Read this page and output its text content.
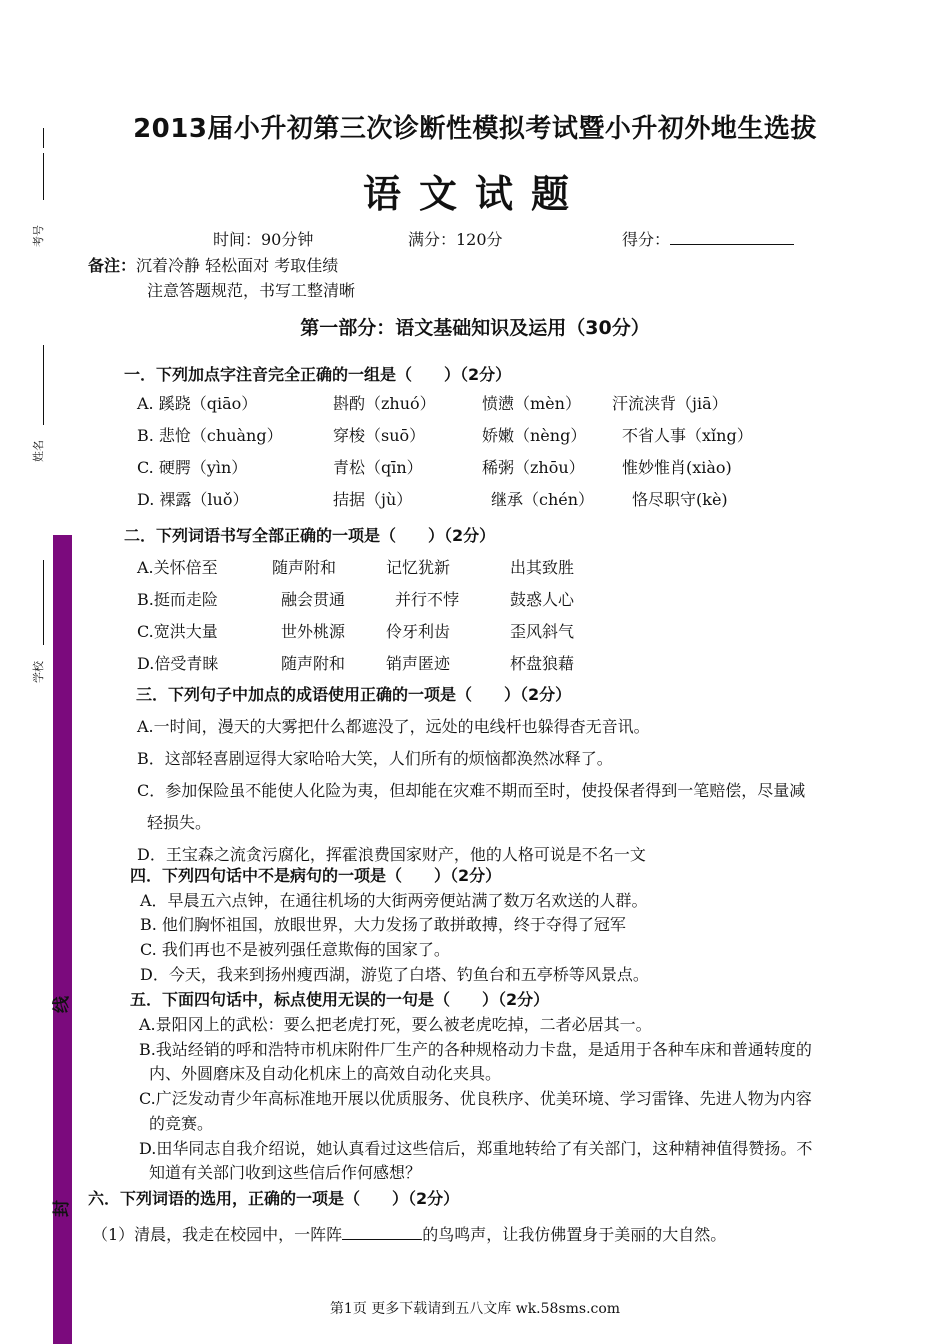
考号
姓名
学校
线
封
2013届小升初第三次诊断性模拟考试暨小升初外地生选拔
语文试题
时间：90分钟	满分：120分	得分：
备注：沉着冷静 轻松面对 考取佳绩
注意答题规范，书写工整清晰
第一部分：语文基础知识及运用（30分）
一．下列加点字注音完全正确的一组是（　　）（2分）
A. 蹊跷（qiāo）	斟酌（zhuó）	愤懑（mèn） 汗流浃背（jiā）
B. 悲怆（chuàng）	穿梭（suō）	娇嫩（nèng） 不省人事（xǐng）
C. 硬腭（yìn）	青松（qīn）	稀粥（zhōu） 惟妙惟肖(xiào)
D. 裸露（luǒ）	拮据（jù）	继承（chén） 恪尽职守(kè)
二．下列词语书写全部正确的一项是（　　）（2分）
A.关怀倍至	随声附和	记忆犹新	出其致胜
B.挺而走险	融会贯通	并行不悖	鼓惑人心
C.宽洪大量	世外桃源	伶牙利齿	歪风斜气
D.倍受青睐	随声附和	销声匿迹	杯盘狼藉
三．下列句子中加点的成语使用正确的一项是（　　）（2分）
A.一时间，漫天的大雾把什么都遮没了，远处的电线杆也躲得杳无音讯。
B．这部轻喜剧逗得大家哈哈大笑，人们所有的烦恼都涣然冰释了。
C．参加保险虽不能使人化险为夷，但却能在灾难不期而至时，使投保者得到一笔赔偿，尽量减
轻损失。
D．王宝森之流贪污腐化，挥霍浪费国家财产，他的人格可说是不名一文
四．下列四句话中不是病句的一项是（　　）（2分）
A．早晨五六点钟，在通往机场的大街两旁便站满了数万名欢送的人群。
B. 他们胸怀祖国，放眼世界，大力发扬了敢拼敢搏，终于夺得了冠军
C. 我们再也不是被列强任意欺侮的国家了。
D．今天，我来到扬州瘦西湖，游览了白塔、钓鱼台和五亭桥等风景点。
五．下面四句话中，标点使用无误的一句是（　　）（2分）
A.景阳冈上的武松：要么把老虎打死，要么被老虎吃掉，二者必居其一。
B.我站经销的呼和浩特市机床附件厂生产的各种规格动力卡盘，是适用于各种车床和普通转度的
内、外圆磨床及自动化机床上的高效自动化夹具。
C.广泛发动青少年高标准地开展以优质服务、优良秩序、优美环境、学习雷锋、先进人物为内容
的竞赛。
D.田华同志自我介绍说，她认真看过这些信后，郑重地转给了有关部门，这种精神值得赞扬。不
知道有关部门收到这些信后作何感想？
六．下列词语的选用，正确的一项是（　　）（2分）
（1）清晨，我走在校园中，一阵阵	的鸟鸣声，让我仿佛置身于美丽的大自然。
第1页 更多下载请到五八文库 wk.58sms.com
